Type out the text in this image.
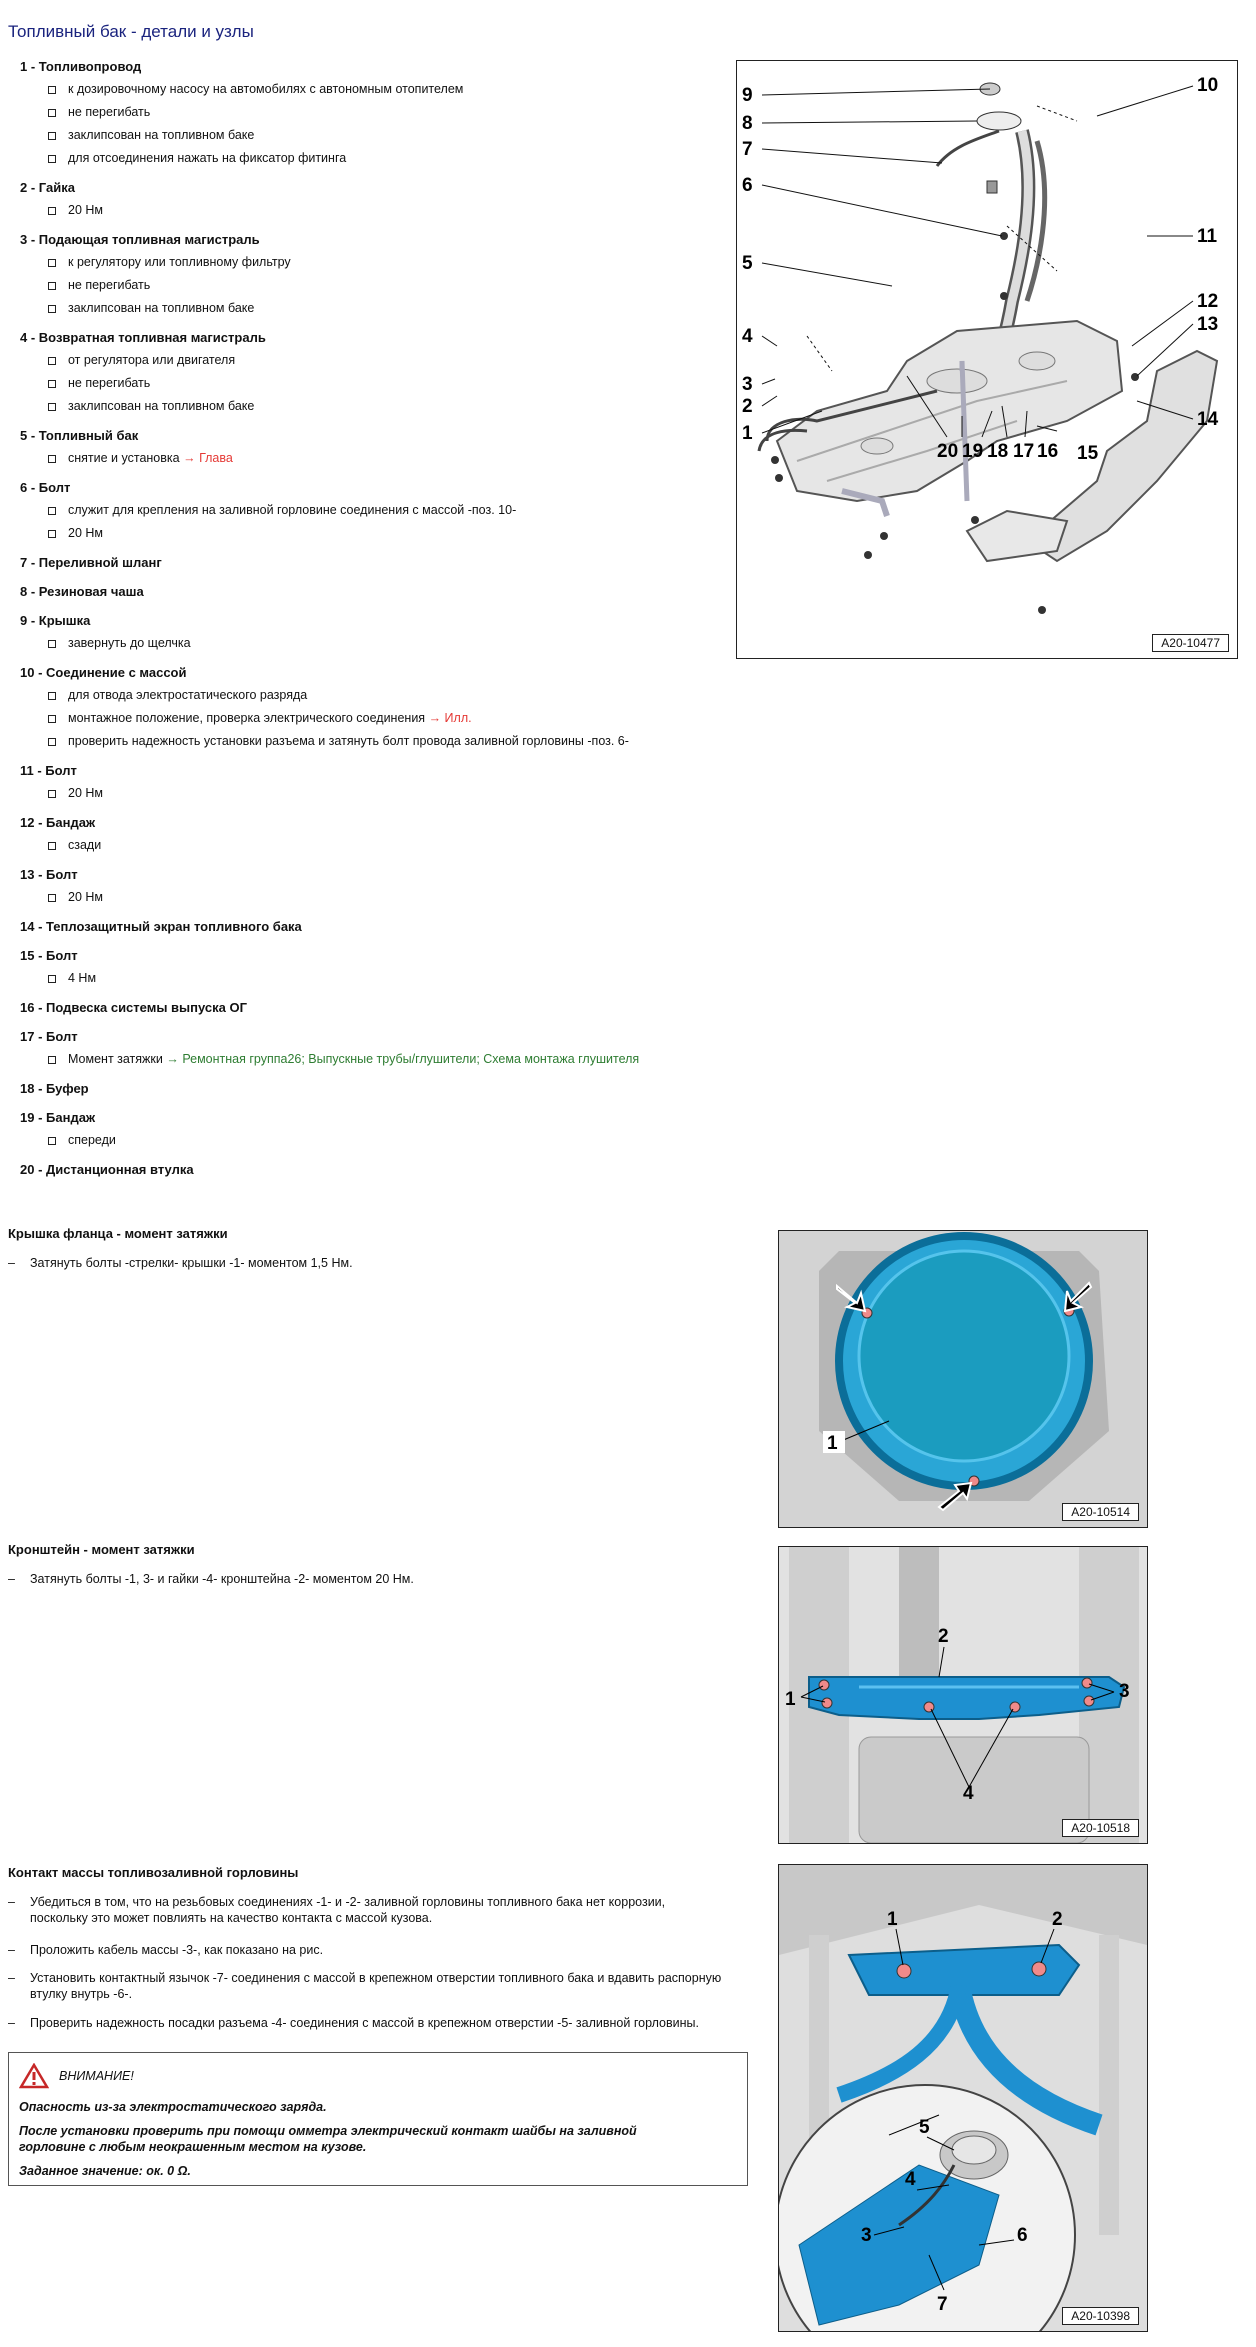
Топливный бак - детали и узлы
1 - Топливопровод
к дозировочному насосу на автомобилях с автономным отопителем
не перегибать
заклипсован на топливном баке
для отсоединения нажать на фиксатор фитинга
2 - Гайка
20 Нм
3 - Подающая топливная магистраль
к регулятору или топливному фильтру
не перегибать
заклипсован на топливном баке
4 - Возвратная топливная магистраль
от регулятора или двигателя
не перегибать
заклипсован на топливном баке
5 - Топливный бак
снятие и установка → Глава
6 - Болт
служит для крепления на заливной горловине соединения с массой -поз. 10-
20 Нм
7 - Переливной шланг
8 - Резиновая чаша
9 - Крышка
завернуть до щелчка
10 - Соединение с массой
для отвода электростатического разряда
монтажное положение, проверка электрического соединения → Илл.
проверить надежность установки разъема и затянуть болт провода заливной горловины -поз. 6-
11 - Болт
20 Нм
12 - Бандаж
сзади
13 - Болт
20 Нм
14 - Теплозащитный экран топливного бака
15 - Болт
4 Нм
16 - Подвеска системы выпуска ОГ
17 - Болт
Момент затяжки → Ремонтная группа26; Выпускные трубы/глушители; Схема монтажа глушителя
18 - Буфер
19 - Бандаж
спереди
20 - Дистанционная втулка
9
8
7
6
5
4
3
2
1
10
11
12
13
14
20 19 18 17 16 15
A20-10477
Крышка фланца - момент затяжки
– Затянуть болты -стрелки- крышки -1- моментом 1,5 Нм.
1
A20-10514
Кронштейн - момент затяжки
– Затянуть болты -1, 3- и гайки -4- кронштейна -2- моментом 20 Нм.
1
2
3
4
A20-10518
Контакт массы топливозаливной горловины
– Убедиться в том, что на резьбовых соединениях -1- и -2- заливной горловины топливного бака нет коррозии, поскольку это может повлиять на качество контакта с массой кузова.
– Проложить кабель массы -3-, как показано на рис.
– Установить контактный язычок -7- соединения с массой в крепежном отверстии топливного бака и вдавить распорную втулку внутрь -6-.
– Проверить надежность посадки разъема -4- соединения с массой в крепежном отверстии -5- заливной горловины.
ВНИМАНИЕ!

Опасность из-за электростатического заряда.

После установки проверить при помощи омметра электрический контакт шайбы на заливной горловине с любым неокрашенным местом на кузове.

Заданное значение: ок. 0 Ω.

1	2
5
4
3	6
7
A20-10398
